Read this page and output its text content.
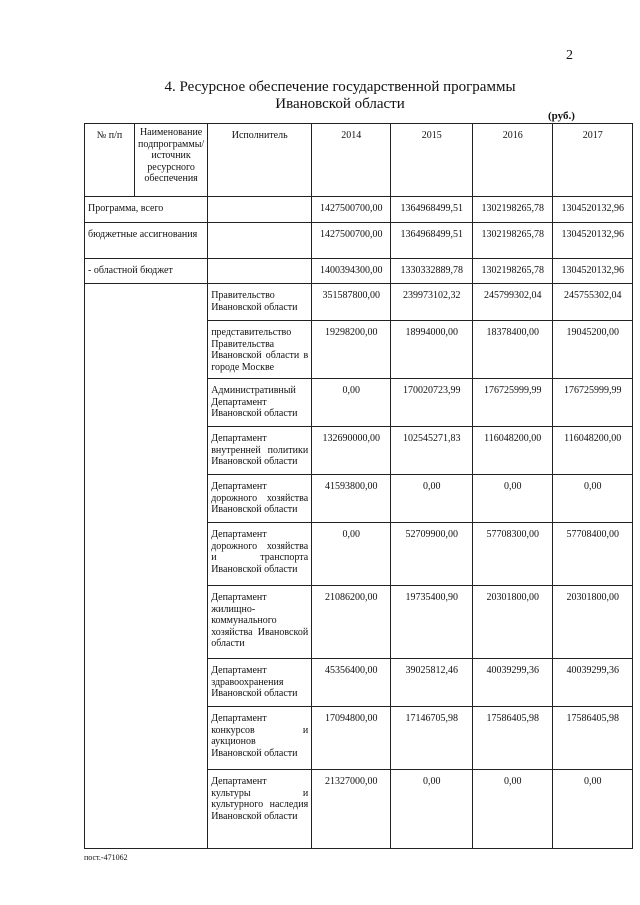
2
4. Ресурсное обеспечение государственной программы
Ивановской области
(руб.)
№ п/п	Наименование подпрограммы/ источник ресурсного обеспечения	Исполнитель	2014	2015	2016	2017
Программа, всего			1427500700,00	1364968499,51	1302198265,78	1304520132,96
бюджетные ассигнования			1427500700,00	1364968499,51	1302198265,78	1304520132,96
- областной бюджет			1400394300,00	1330332889,78	1302198265,78	1304520132,96
		Правительство Ивановской области	351587800,00	239973102,32	245799302,04	245755302,04
		представительство Правительства Ивановской области в городе Москве	19298200,00	18994000,00	18378400,00	19045200,00
		Административный Департамент Ивановской области	0,00	170020723,99	176725999,99	176725999,99
		Департамент внутренней политики Ивановской области	132690000,00	102545271,83	116048200,00	116048200,00
		Департамент дорожного хозяйства Ивановской области	41593800,00	0,00	0,00	0,00
		Департамент дорожного хозяйства и транспорта Ивановской области	0,00	52709900,00	57708300,00	57708400,00
		Департамент жилищно-коммунального хозяйства Ивановской области	21086200,00	19735400,90	20301800,00	20301800,00
		Департамент здравоохранения Ивановской области	45356400,00	39025812,46	40039299,36	40039299,36
		Департамент конкурсов и аукционов Ивановской области	17094800,00	17146705,98	17586405,98	17586405,98
		Департамент культуры и культурного наследия Ивановской области	21327000,00	0,00	0,00	0,00
пост.-471062
